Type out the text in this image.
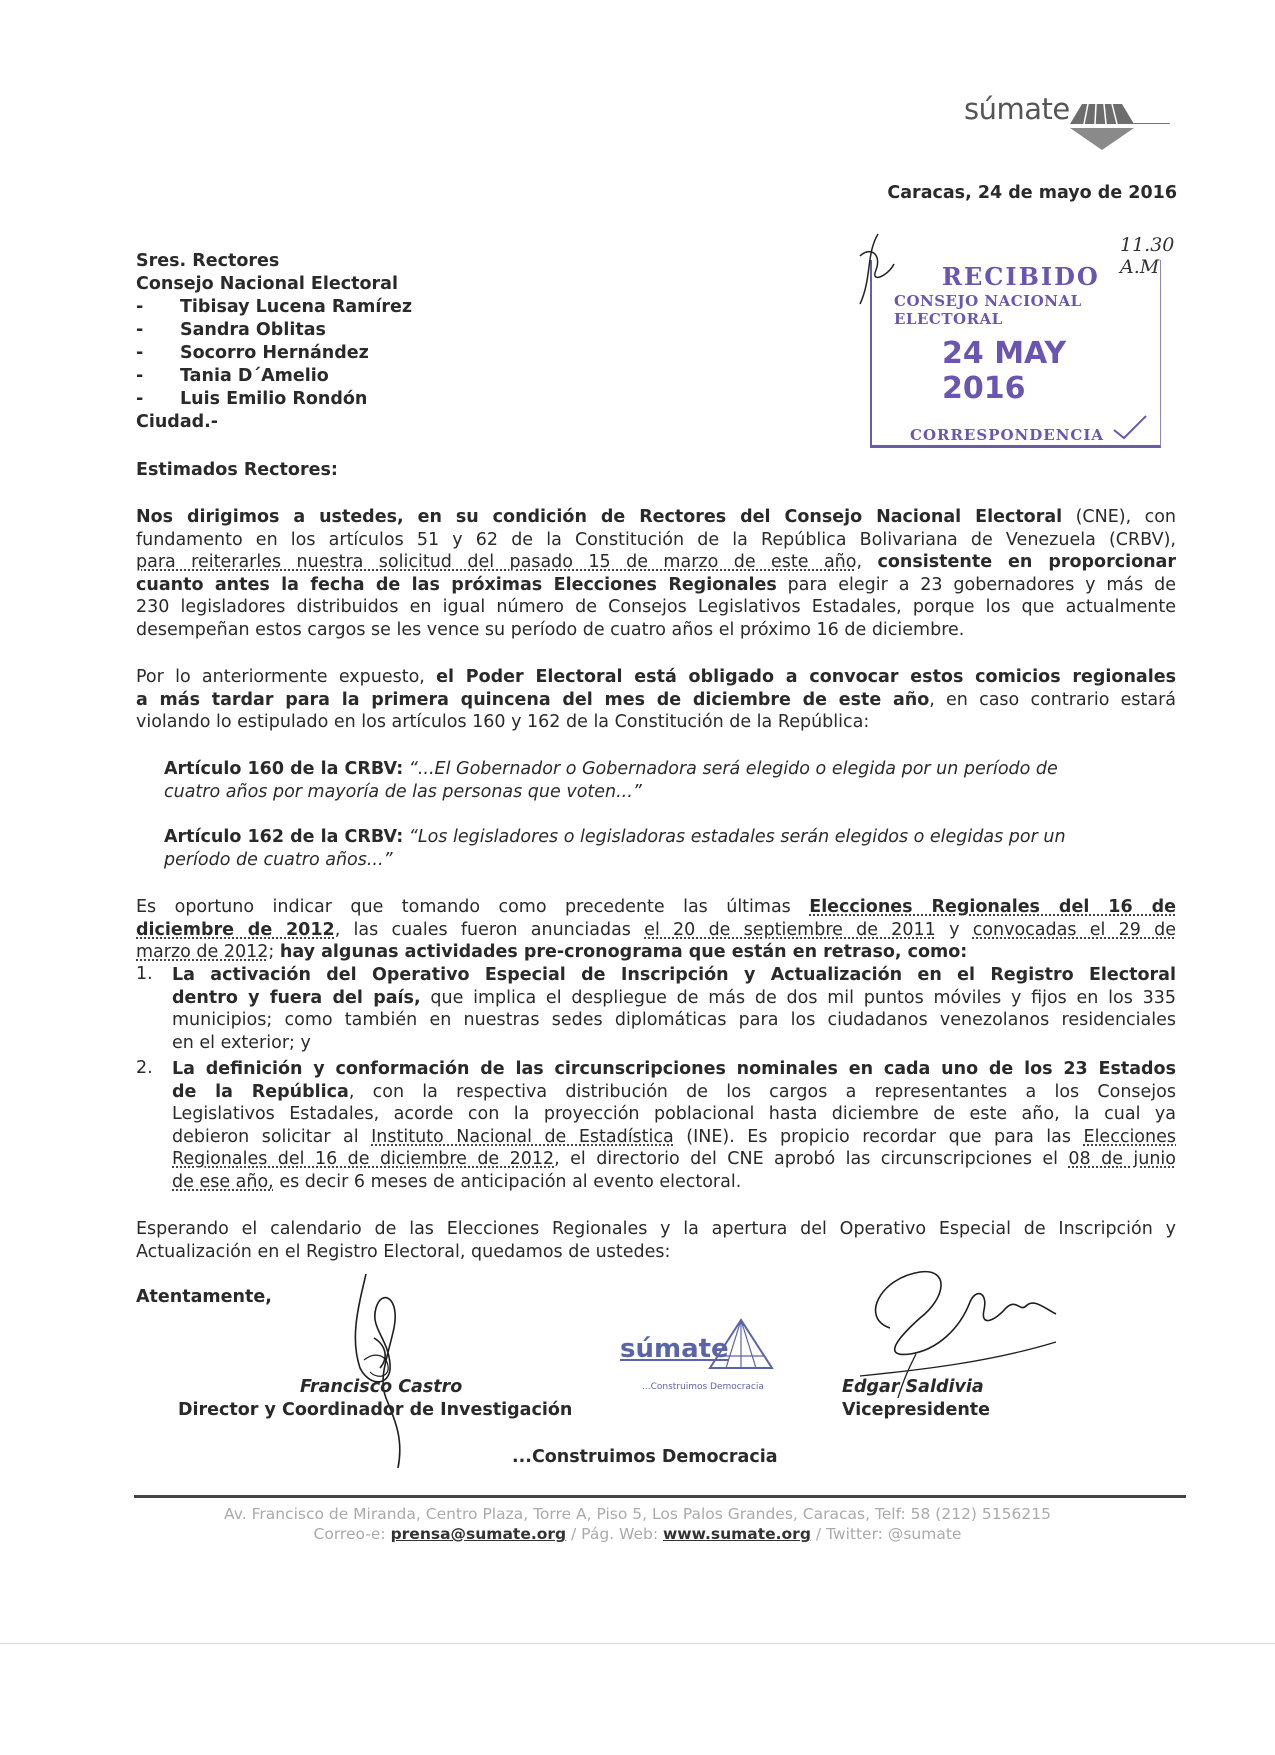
súmate
Caracas, 24 de mayo de 2016
Sres. Rectores
Consejo Nacional Electoral
- Tibisay Lucena Ramírez
- Sandra Oblitas
- Socorro Hernández
- Tania D´Amelio
- Luis Emilio Rondón
Ciudad.-
11.30 A.M
RECIBIDO
CONSEJO NACIONAL ELECTORAL
24 MAY 2016
CORRESPONDENCIA
Estimados Rectores:
Nos dirigimos a ustedes, en su condición de Rectores del Consejo Nacional Electoral (CNE), con
fundamento en los artículos 51 y 62 de la Constitución de la República Bolivariana de Venezuela (CRBV),
para reiterarles nuestra solicitud del pasado 15 de marzo de este año, consistente en proporcionar
cuanto antes la fecha de las próximas Elecciones Regionales para elegir a 23 gobernadores y más de
230 legisladores distribuidos en igual número de Consejos Legislativos Estadales, porque los que actualmente
desempeñan estos cargos se les vence su período de cuatro años el próximo 16 de diciembre.
Por lo anteriormente expuesto, el Poder Electoral está obligado a convocar estos comicios regionales
a más tardar para la primera quincena del mes de diciembre de este año, en caso contrario estará
violando lo estipulado en los artículos 160 y 162 de la Constitución de la República:
Artículo 160 de la CRBV: “...El Gobernador o Gobernadora será elegido o elegida por un período de
cuatro años por mayoría de las personas que voten...”
Artículo 162 de la CRBV: “Los legisladores o legisladoras estadales serán elegidos o elegidas por un
período de cuatro años...”
Es oportuno indicar que tomando como precedente las últimas Elecciones Regionales del 16 de
diciembre de 2012, las cuales fueron anunciadas el 20 de septiembre de 2011 y convocadas el 29 de
marzo de 2012; hay algunas actividades pre-cronograma que están en retraso, como:
1. La activación del Operativo Especial de Inscripción y Actualización en el Registro Electoral
dentro y fuera del país, que implica el despliegue de más de dos mil puntos móviles y fijos en los 335
municipios; como también en nuestras sedes diplomáticas para los ciudadanos venezolanos residenciales
en el exterior; y
2. La definición y conformación de las circunscripciones nominales en cada uno de los 23 Estados
de la República, con la respectiva distribución de los cargos a representantes a los Consejos
Legislativos Estadales, acorde con la proyección poblacional hasta diciembre de este año, la cual ya
debieron solicitar al Instituto Nacional de Estadística (INE). Es propicio recordar que para las Elecciones
Regionales del 16 de diciembre de 2012, el directorio del CNE aprobó las circunscripciones el 08 de junio
de ese año, es decir 6 meses de anticipación al evento electoral.
Esperando el calendario de las Elecciones Regionales y la apertura del Operativo Especial de Inscripción y
Actualización en el Registro Electoral, quedamos de ustedes:
Atentamente,
Francisco Castro
Director y Coordinador de Investigación
Edgar Saldivia
Vicepresidente
súmate
...Construimos Democracia
...Construimos Democracia
Av. Francisco de Miranda, Centro Plaza, Torre A, Piso 5, Los Palos Grandes, Caracas, Telf: 58 (212) 5156215
Correo-e: prensa@sumate.org / Pág. Web: www.sumate.org / Twitter: @sumate
